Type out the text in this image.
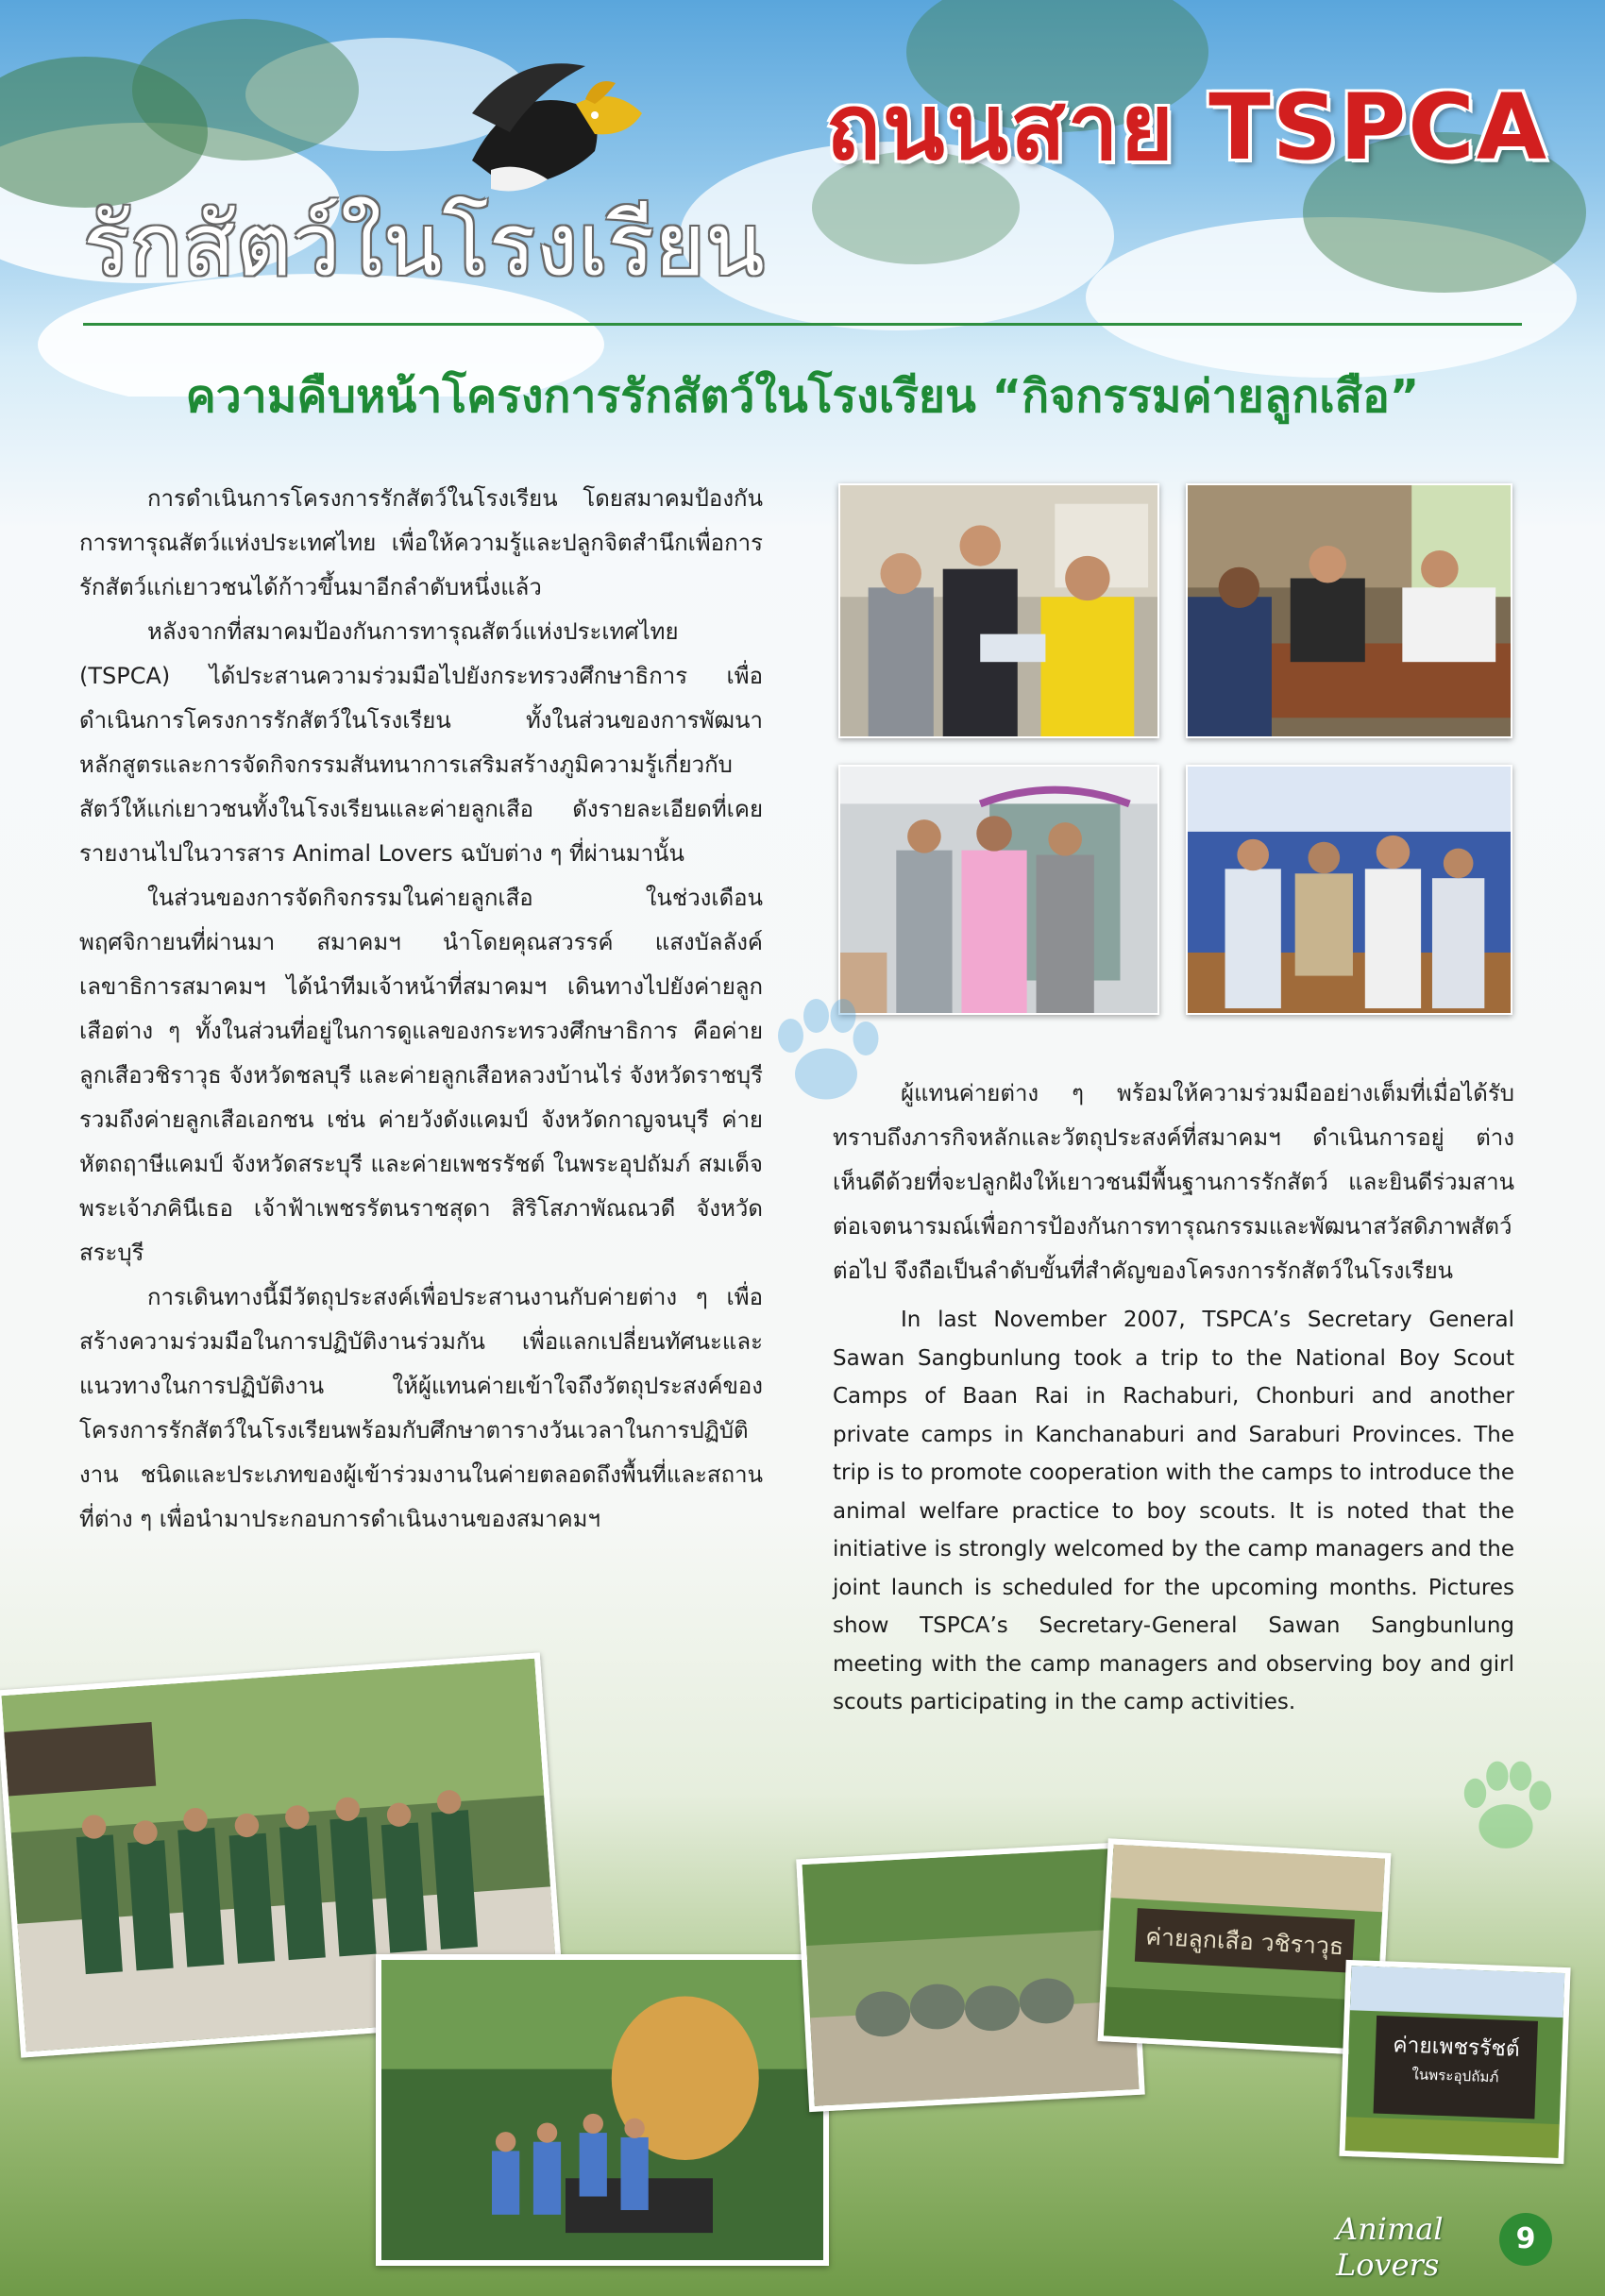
ถนนสาย TSPCA
รักสัตว์ในโรงเรียน
ความคืบหน้าโครงการรักสัตว์ในโรงเรียน “กิจกรรมค่ายลูกเสือ”

การดำเนินการโครงการรักสัตว์ในโรงเรียน โดยสมาคมป้องกันการทารุณสัตว์แห่งประเทศไทย เพื่อให้ความรู้และปลูกจิตสำนึกเพื่อการรักสัตว์แก่เยาวชนได้ก้าวขึ้นมาอีกลำดับหนึ่งแล้ว

หลังจากที่สมาคมป้องกันการทารุณสัตว์แห่งประเทศไทย (TSPCA) ได้ประสานความร่วมมือไปยังกระทรวงศึกษาธิการ เพื่อดำเนินการโครงการรักสัตว์ในโรงเรียน ทั้งในส่วนของการพัฒนาหลักสูตรและการจัดกิจกรรมสันทนาการเสริมสร้างภูมิความรู้เกี่ยวกับสัตว์ให้แก่เยาวชนทั้งในโรงเรียนและค่ายลูกเสือ ดังรายละเอียดที่เคยรายงานไปในวารสาร Animal Lovers ฉบับต่าง ๆ ที่ผ่านมานั้น

ในส่วนของการจัดกิจกรรมในค่ายลูกเสือ ในช่วงเดือนพฤศจิกายนที่ผ่านมา สมาคมฯ นำโดยคุณสวรรค์ แสงบัลลังค์ เลขาธิการสมาคมฯ ได้นำทีมเจ้าหน้าที่สมาคมฯ เดินทางไปยังค่ายลูกเสือต่าง ๆ ทั้งในส่วนที่อยู่ในการดูแลของกระทรวงศึกษาธิการ คือค่ายลูกเสือวชิราวุธ จังหวัดชลบุรี และค่ายลูกเสือหลวงบ้านไร่ จังหวัดราชบุรี รวมถึงค่ายลูกเสือเอกชน เช่น ค่ายวังดังแคมป์ จังหวัดกาญจนบุรี ค่ายหัตถฤาษีแคมป์ จังหวัดสระบุรี และค่ายเพชรรัชต์ ในพระอุปถัมภ์ สมเด็จพระเจ้าภคินีเธอ เจ้าฟ้าเพชรรัตนราชสุดา สิริโสภาพัณณวดี จังหวัดสระบุรี

การเดินทางนี้มีวัตถุประสงค์เพื่อประสานงานกับค่ายต่าง ๆ เพื่อสร้างความร่วมมือในการปฏิบัติงานร่วมกัน เพื่อแลกเปลี่ยนทัศนะและแนวทางในการปฏิบัติงาน ให้ผู้แทนค่ายเข้าใจถึงวัตถุประสงค์ของโครงการรักสัตว์ในโรงเรียนพร้อมกับศึกษาตารางวันเวลาในการปฏิบัติงาน ชนิดและประเภทของผู้เข้าร่วมงานในค่ายตลอดถึงพื้นที่และสถานที่ต่าง ๆ เพื่อนำมาประกอบการดำเนินงานของสมาคมฯ

ผู้แทนค่ายต่าง ๆ พร้อมให้ความร่วมมืออย่างเต็มที่เมื่อได้รับทราบถึงภารกิจหลักและวัตถุประสงค์ที่สมาคมฯ ดำเนินการอยู่ ต่างเห็นดีด้วยที่จะปลูกฝังให้เยาวชนมีพื้นฐานการรักสัตว์ และยินดีร่วมสานต่อเจตนารมณ์เพื่อการป้องกันการทารุณกรรมและพัฒนาสวัสดิภาพสัตว์ต่อไป จึงถือเป็นลำดับขั้นที่สำคัญของโครงการรักสัตว์ในโรงเรียน

In last November 2007, TSPCA’s Secretary General Sawan Sangbunlung took a trip to the National Boy Scout Camps of Baan Rai in Rachaburi, Chonburi and another private camps in Kanchanaburi and Saraburi Provinces. The trip is to promote cooperation with the camps to introduce the animal welfare practice to boy scouts. It is noted that the initiative is strongly welcomed by the camp managers and the joint launch is scheduled for the upcoming months. Pictures show TSPCA’s Secretary-General Sawan Sangbunlung meeting with the camp managers and observing boy and girl scouts participating in the camp activities.

ค่ายลูกเสือ วชิราวุธ
ค่ายเพชรรัชต์
ในพระอุปถัมภ์
Animal Lovers
9
